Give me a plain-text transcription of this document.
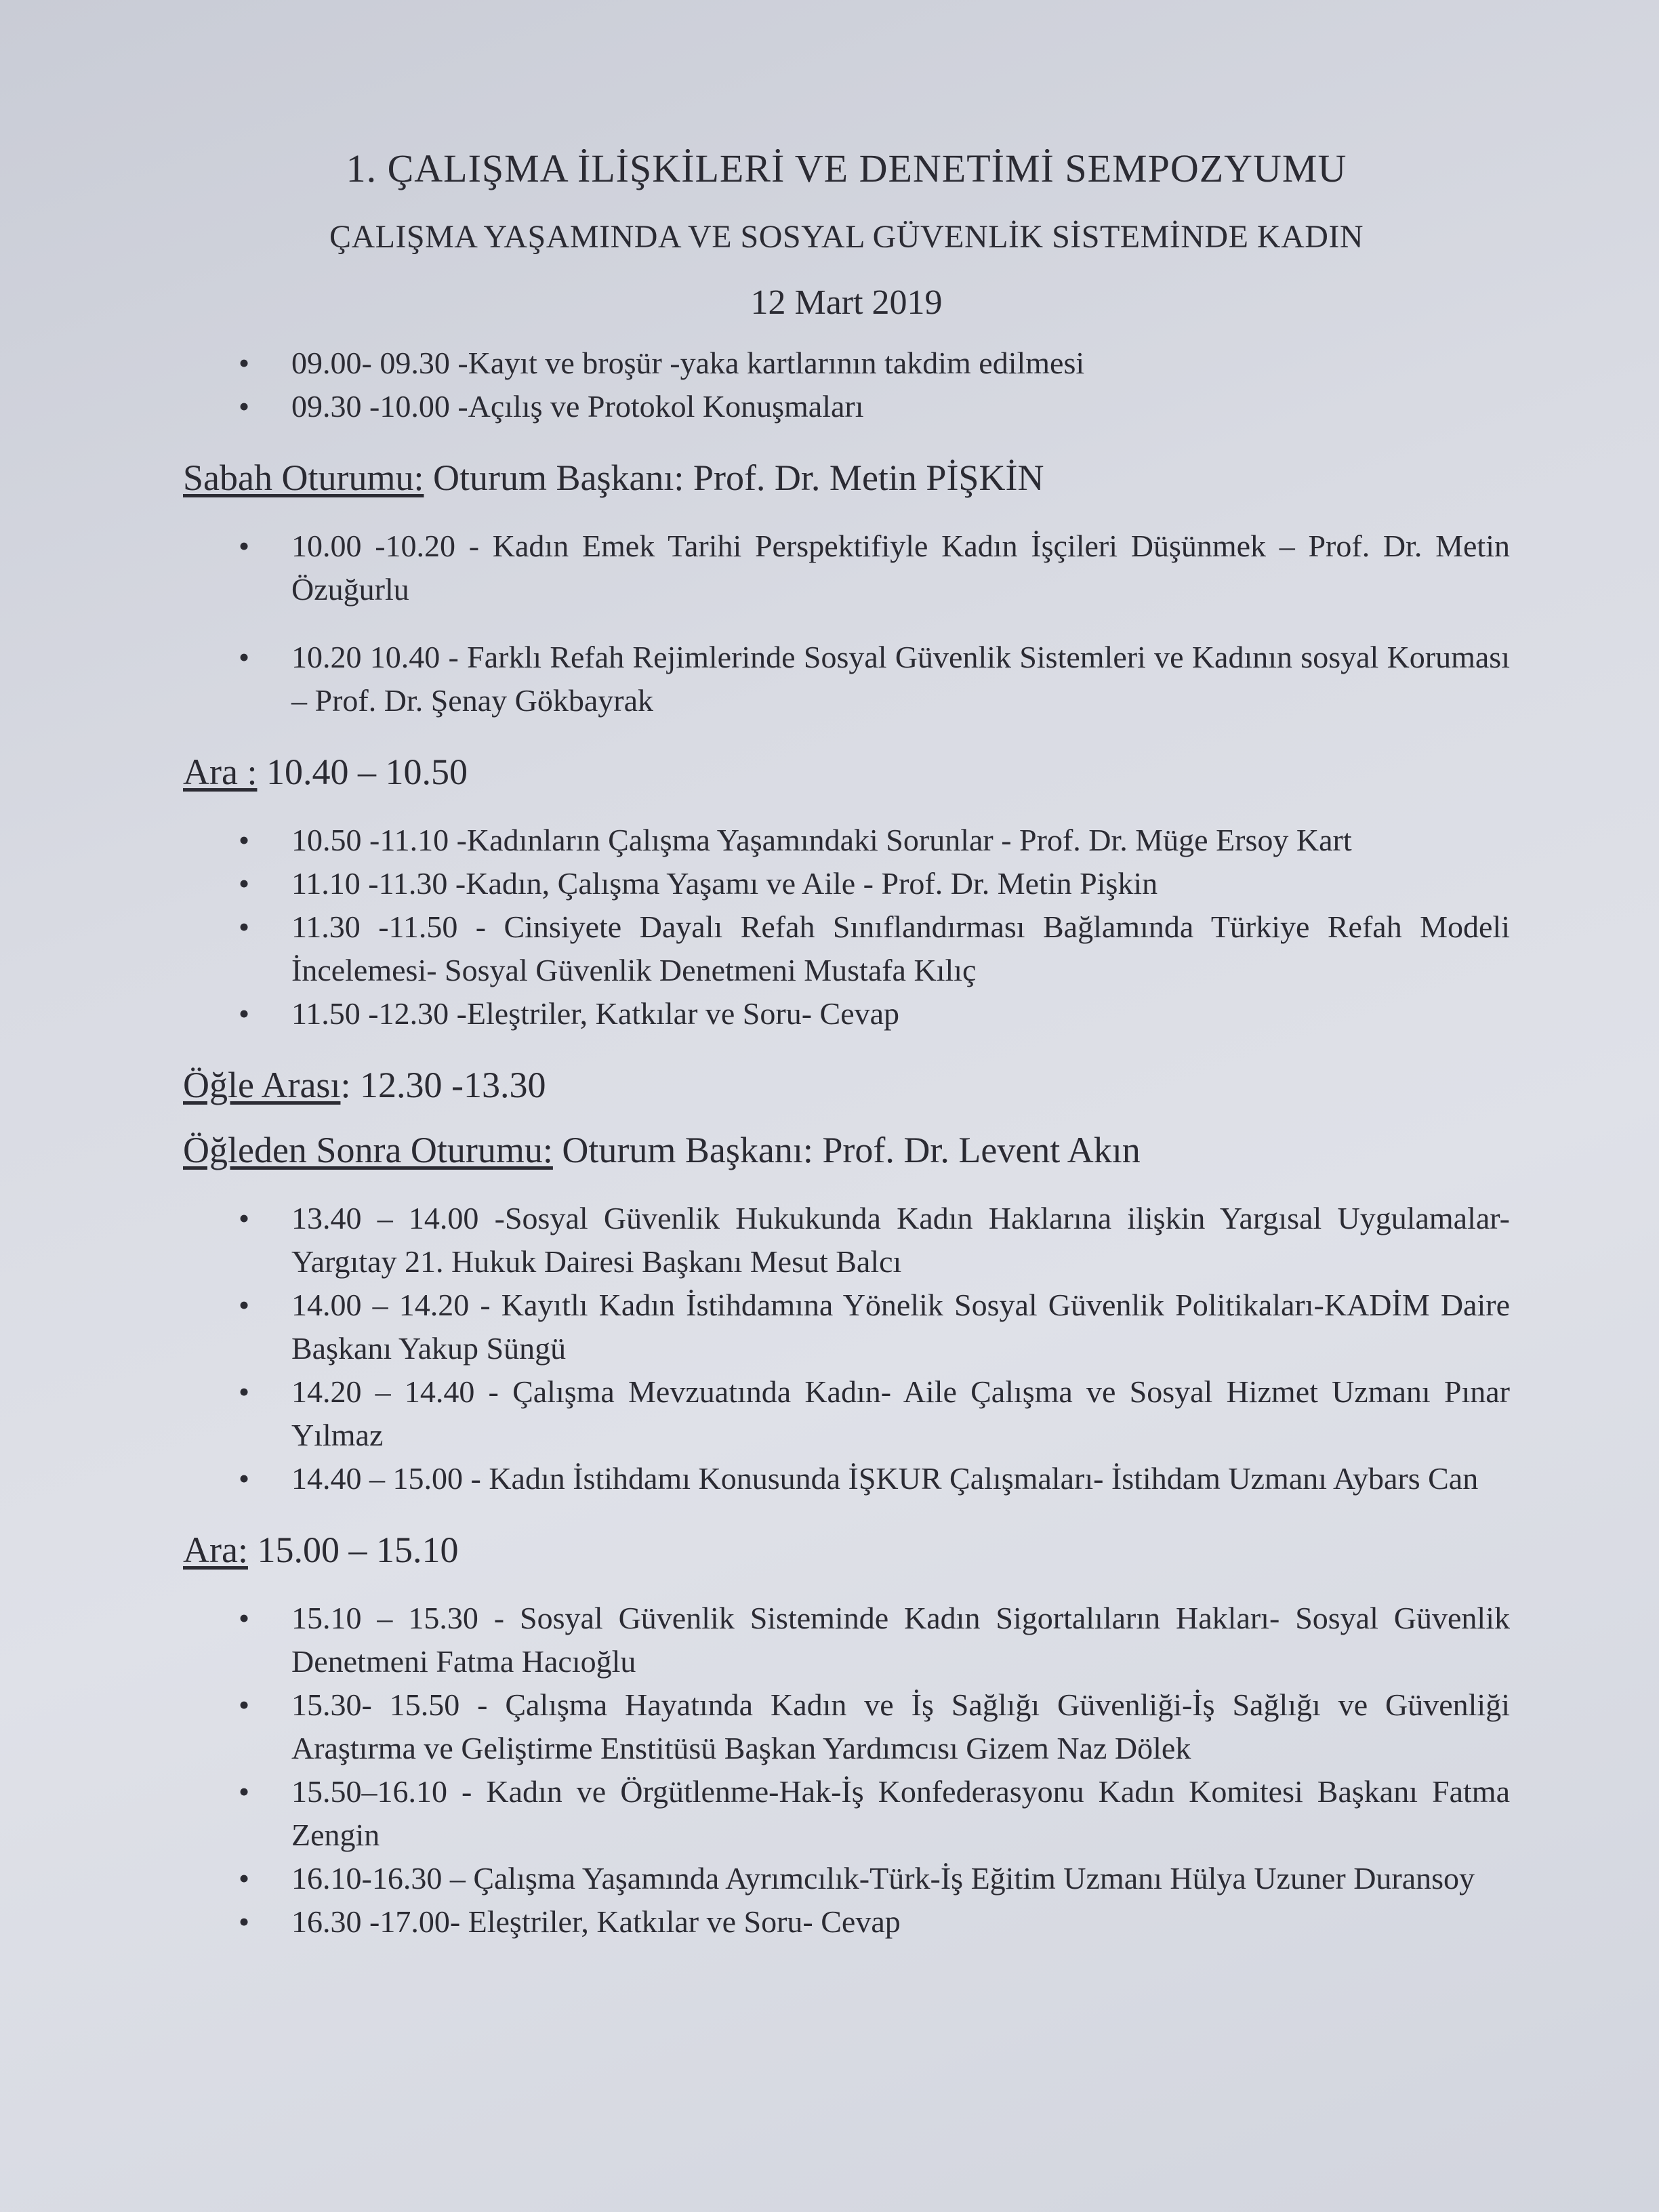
1. ÇALIŞMA İLİŞKİLERİ VE DENETİMİ SEMPOZYUMU
ÇALIŞMA YAŞAMINDA VE SOSYAL GÜVENLİK SİSTEMİNDE KADIN
12 Mart 2019
• 09.00- 09.30 -Kayıt ve broşür -yaka kartlarının takdim edilmesi
• 09.30 -10.00 -Açılış ve Protokol Konuşmaları
Sabah Oturumu: Oturum Başkanı: Prof. Dr. Metin PİŞKİN
• 10.00 -10.20 - Kadın Emek Tarihi Perspektifiyle Kadın İşçileri Düşünmek – Prof. Dr. Metin Özuğurlu
• 10.20 10.40 - Farklı Refah Rejimlerinde Sosyal Güvenlik Sistemleri ve Kadının sosyal Koruması – Prof. Dr. Şenay Gökbayrak
Ara : 10.40 – 10.50
• 10.50 -11.10 -Kadınların Çalışma Yaşamındaki Sorunlar - Prof. Dr. Müge Ersoy Kart
• 11.10 -11.30 -Kadın, Çalışma Yaşamı ve Aile - Prof. Dr. Metin Pişkin
• 11.30 -11.50 - Cinsiyete Dayalı Refah Sınıflandırması Bağlamında Türkiye Refah Modeli İncelemesi- Sosyal Güvenlik Denetmeni Mustafa Kılıç
• 11.50 -12.30 -Eleştriler, Katkılar ve Soru- Cevap
Öğle Arası: 12.30 -13.30
Öğleden Sonra Oturumu: Oturum Başkanı: Prof. Dr. Levent Akın
• 13.40 – 14.00 -Sosyal Güvenlik Hukukunda Kadın Haklarına ilişkin Yargısal Uygulamalar-Yargıtay 21. Hukuk Dairesi Başkanı Mesut Balcı
• 14.00 – 14.20 - Kayıtlı Kadın İstihdamına Yönelik Sosyal Güvenlik Politikaları-KADİM Daire Başkanı Yakup Süngü
• 14.20 – 14.40 - Çalışma Mevzuatında Kadın- Aile Çalışma ve Sosyal Hizmet Uzmanı Pınar Yılmaz
• 14.40 – 15.00 - Kadın İstihdamı Konusunda İŞKUR Çalışmaları- İstihdam Uzmanı Aybars Can
Ara: 15.00 – 15.10
• 15.10 – 15.30 - Sosyal Güvenlik Sisteminde Kadın Sigortalıların Hakları- Sosyal Güvenlik Denetmeni Fatma Hacıoğlu
• 15.30- 15.50 - Çalışma Hayatında Kadın ve İş Sağlığı Güvenliği-İş Sağlığı ve Güvenliği Araştırma ve Geliştirme Enstitüsü Başkan Yardımcısı Gizem Naz Dölek
• 15.50–16.10 - Kadın ve Örgütlenme-Hak-İş Konfederasyonu Kadın Komitesi Başkanı Fatma Zengin
• 16.10-16.30 – Çalışma Yaşamında Ayrımcılık-Türk-İş Eğitim Uzmanı Hülya Uzuner Duransoy
• 16.30 -17.00- Eleştriler, Katkılar ve Soru- Cevap
